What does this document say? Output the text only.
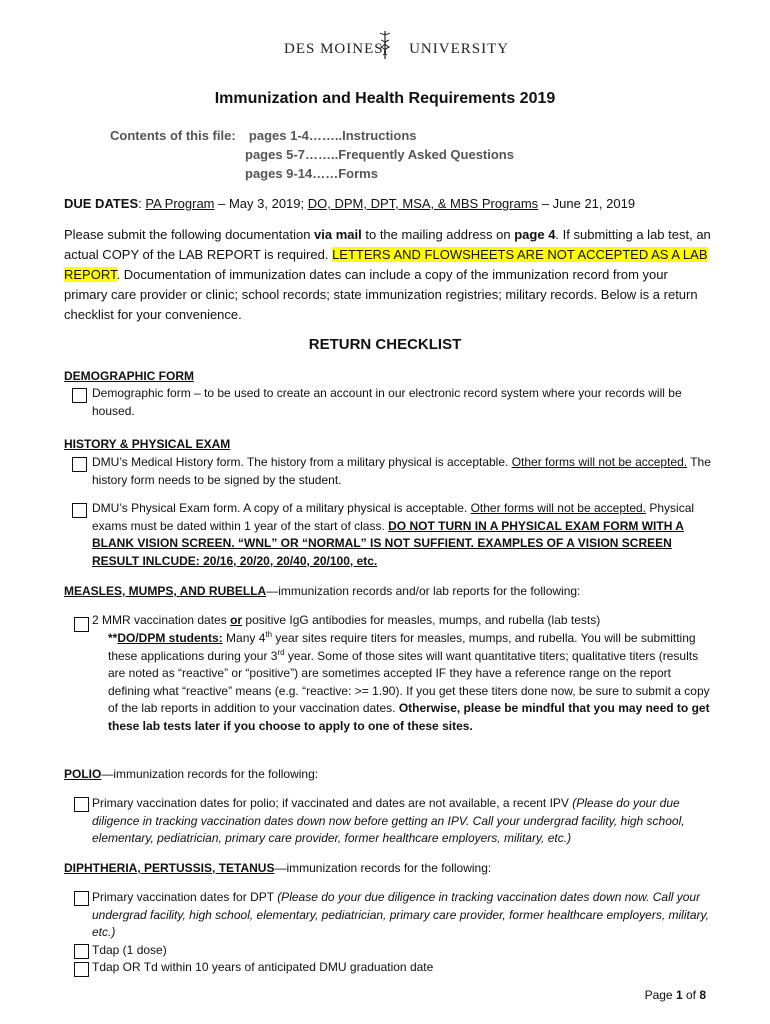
DES MOINES UNIVERSITY
Immunization and Health Requirements 2019
Contents of this file: pages 1-4……..Instructions
pages 5-7……..Frequently Asked Questions
pages 9-14……Forms
DUE DATES: PA Program – May 3, 2019; DO, DPM, DPT, MSA, & MBS Programs – June 21, 2019
Please submit the following documentation via mail to the mailing address on page 4. If submitting a lab test, an actual COPY of the LAB REPORT is required. LETTERS AND FLOWSHEETS ARE NOT ACCEPTED AS A LAB REPORT. Documentation of immunization dates can include a copy of the immunization record from your primary care provider or clinic; school records; state immunization registries; military records. Below is a return checklist for your convenience.
RETURN CHECKLIST
DEMOGRAPHIC FORM
Demographic form – to be used to create an account in our electronic record system where your records will be housed.
HISTORY & PHYSICAL EXAM
DMU’s Medical History form. The history from a military physical is acceptable. Other forms will not be accepted. The history form needs to be signed by the student.
DMU’s Physical Exam form. A copy of a military physical is acceptable. Other forms will not be accepted. Physical exams must be dated within 1 year of the start of class. DO NOT TURN IN A PHYSICAL EXAM FORM WITH A BLANK VISION SCREEN. “WNL” OR “NORMAL” IS NOT SUFFIENT. EXAMPLES OF A VISION SCREEN RESULT INLCUDE: 20/16, 20/20, 20/40, 20/100, etc.
MEASLES, MUMPS, AND RUBELLA—immunization records and/or lab reports for the following:
2 MMR vaccination dates or positive IgG antibodies for measles, mumps, and rubella (lab tests)
**DO/DPM students: Many 4th year sites require titers for measles, mumps, and rubella. You will be submitting these applications during your 3rd year. Some of those sites will want quantitative titers; qualitative titers (results are noted as “reactive” or “positive”) are sometimes accepted IF they have a reference range on the report defining what “reactive” means (e.g. “reactive: >= 1.90). If you get these titers done now, be sure to submit a copy of the lab reports in addition to your vaccination dates. Otherwise, please be mindful that you may need to get these lab tests later if you choose to apply to one of these sites.
POLIO—immunization records for the following:
Primary vaccination dates for polio; if vaccinated and dates are not available, a recent IPV (Please do your due diligence in tracking vaccination dates down now before getting an IPV. Call your undergrad facility, high school, elementary, pediatrician, primary care provider, former healthcare employers, military, etc.)
DIPHTHERIA, PERTUSSIS, TETANUS—immunization records for the following:
Primary vaccination dates for DPT (Please do your due diligence in tracking vaccination dates down now. Call your undergrad facility, high school, elementary, pediatrician, primary care provider, former healthcare employers, military, etc.)
Tdap (1 dose)
Tdap OR Td within 10 years of anticipated DMU graduation date
Page 1 of 8
